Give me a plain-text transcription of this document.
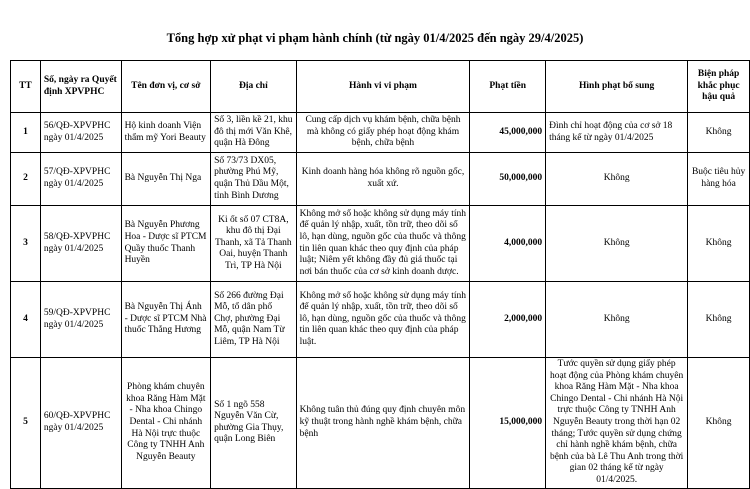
Tổng hợp xử phạt vi phạm hành chính (từ ngày 01/4/2025 đến ngày 29/4/2025)
TT	Số, ngày ra Quyết định XPVPHC	Tên đơn vị, cơ sở	Địa chỉ	Hành vi vi phạm	Phạt tiền	Hình phạt bổ sung	Biện pháp khắc phục hậu quả
1	56/QĐ-XPVPHC ngày 01/4/2025	Hộ kinh doanh Viện thẩm mỹ Yori Beauty	Số 3, liền kề 21, khu đô thị mới Văn Khê, quận Hà Đông	Cung cấp dịch vụ khám bệnh, chữa bệnh mà không có giấy phép hoạt động khám bệnh, chữa bệnh	45,000,000	Đình chỉ hoạt động của cơ sở 18 tháng kể từ ngày 01/4/2025	Không
2	57/QĐ-XPVPHC ngày 01/4/2025	Bà Nguyễn Thị Nga	Số 73/73 DX05, phường Phú Mỹ, quận Thủ Dầu Một, tỉnh Bình Dương	Kinh doanh hàng hóa không rõ nguồn gốc, xuất xứ.	50,000,000	Không	Buộc tiêu hủy hàng hóa
3	58/QĐ-XPVPHC ngày 01/4/2025	Bà Nguyễn Phương Hoa - Dược sĩ PTCM Quầy thuốc Thanh Huyền	Ki ốt số 07 CT8A, khu đô thị Đại Thanh, xã Tả Thanh Oai, huyện Thanh Trì, TP Hà Nội	Không mở sổ hoặc không sử dụng máy tính để quản lý nhập, xuất, tồn trữ, theo dõi số lô, hạn dùng, nguồn gốc của thuốc và thông tin liên quan khác theo quy định của pháp luật; Niêm yết không đầy đủ giá thuốc tại nơi bán thuốc của cơ sở kinh doanh dược.	4,000,000	Không	Không
4	59/QĐ-XPVPHC ngày 01/4/2025	Bà Nguyễn Thị Ánh - Dược sĩ PTCM Nhà thuốc Thắng Hương	Số 266 đường Đại Mỗ, tổ dân phố Chợ, phường Đại Mỗ, quận Nam Từ Liêm, TP Hà Nội	Không mở sổ hoặc không sử dụng máy tính để quản lý nhập, xuất, tồn trữ, theo dõi số lô, hạn dùng, nguồn gốc của thuốc và thông tin liên quan khác theo quy định của pháp luật.	2,000,000	Không	Không
5	60/QĐ-XPVPHC ngày 01/4/2025	Phòng khám chuyên khoa Răng Hàm Mặt - Nha khoa Chingo Dental - Chi nhánh Hà Nội trực thuộc Công ty TNHH Anh Nguyễn Beauty	Số 1 ngõ 558 Nguyễn Văn Cừ, phường Gia Thụy, quận Long Biên	Không tuân thủ đúng quy định chuyên môn kỹ thuật trong hành nghề khám bệnh, chữa bệnh	15,000,000	Tước quyền sử dụng giấy phép hoạt động của Phòng khám chuyên khoa Răng Hàm Mặt - Nha khoa Chingo Dental - Chi nhánh Hà Nội trực thuộc Công ty TNHH Anh Nguyễn Beauty trong thời hạn 02 tháng; Tước quyền sử dụng chứng chỉ hành nghề khám bệnh, chữa bệnh của bà Lê Thu Anh trong thời gian 02 tháng kể từ ngày 01/4/2025.	Không
